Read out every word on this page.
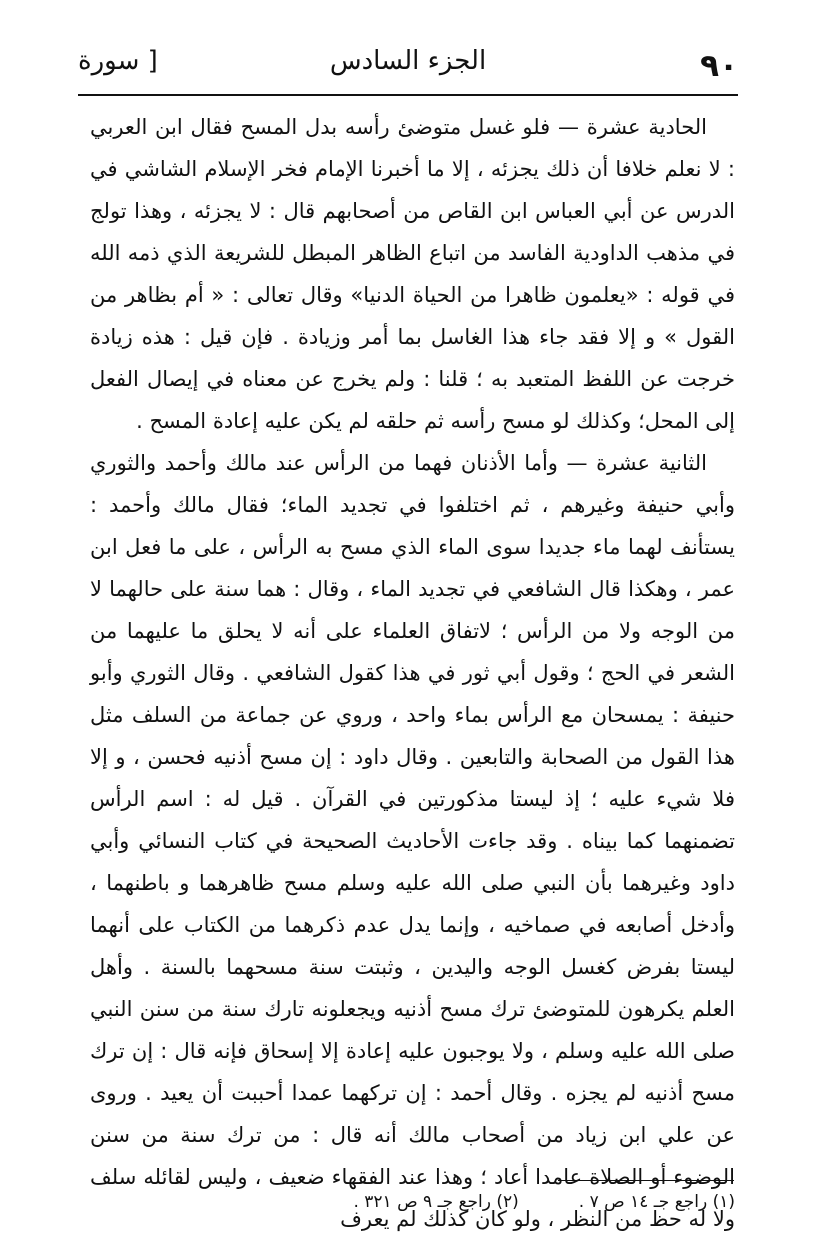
٩٠
الجزء السادس
[ سورة

الحادية عشرة — فلو غسل متوضئ رأسه بدل المسح فقال ابن العربي : لا نعلم خلافا أن ذلك يجزئه ، إلا ما أخبرنا الإمام فخر الإسلام الشاشي في الدرس عن أبي العباس ابن القاص من أصحابهم قال : لا يجزئه ، وهذا تولج في مذهب الداودية الفاسد من اتباع الظاهر المبطل للشريعة الذي ذمه الله في قوله : «يعلمون ظاهرا من الحياة الدنيا» وقال تعالى : « أم بظاهر من القول » و إلا فقد جاء هذا الغاسل بما أمر وزيادة . فإن قيل : هذه زيادة خرجت عن اللفظ المتعبد به ؛ قلنا : ولم يخرج عن معناه في إيصال الفعل إلى المحل؛ وكذلك لو مسح رأسه ثم حلقه لم يكن عليه إعادة المسح .

الثانية عشرة — وأما الأذنان فهما من الرأس عند مالك وأحمد والثوري وأبي حنيفة وغيرهم ، ثم اختلفوا في تجديد الماء؛ فقال مالك وأحمد : يستأنف لهما ماء جديدا سوى الماء الذي مسح به الرأس ، على ما فعل ابن عمر ، وهكذا قال الشافعي في تجديد الماء ، وقال : هما سنة على حالهما لا من الوجه ولا من الرأس ؛ لاتفاق العلماء على أنه لا يحلق ما عليهما من الشعر في الحج ؛ وقول أبي ثور في هذا كقول الشافعي . وقال الثوري وأبو حنيفة : يمسحان مع الرأس بماء واحد ، وروي عن جماعة من السلف مثل هذا القول من الصحابة والتابعين . وقال داود : إن مسح أذنيه فحسن ، و إلا فلا شيء عليه ؛ إذ ليستا مذكورتين في القرآن . قيل له : اسم الرأس تضمنهما كما بيناه . وقد جاءت الأحاديث الصحيحة في كتاب النسائي وأبي داود وغيرهما بأن النبي صلى الله عليه وسلم مسح ظاهرهما و باطنهما ، وأدخل أصابعه في صماخيه ، وإنما يدل عدم ذكرهما من الكتاب على أنهما ليستا بفرض كغسل الوجه واليدين ، وثبتت سنة مسحهما بالسنة . وأهل العلم يكرهون للمتوضئ ترك مسح أذنيه ويجعلونه تارك سنة من سنن النبي صلى الله عليه وسلم ، ولا يوجبون عليه إعادة إلا إسحاق فإنه قال : إن ترك مسح أذنيه لم يجزه . وقال أحمد : إن تركهما عمدا أحببت أن يعيد . وروى عن علي ابن زياد من أصحاب مالك أنه قال : من ترك سنة من سنن الوضوء أو الصلاة عامدا أعاد ؛ وهذا عند الفقهاء ضعيف ، وليس لقائله سلف ولا له حظ من النظر ، ولو كان كذلك لم يعرف

(١) راجع جـ ١٤ ص ٧ .
(٢) راجع جـ ٩ ص ٣٢١ .
